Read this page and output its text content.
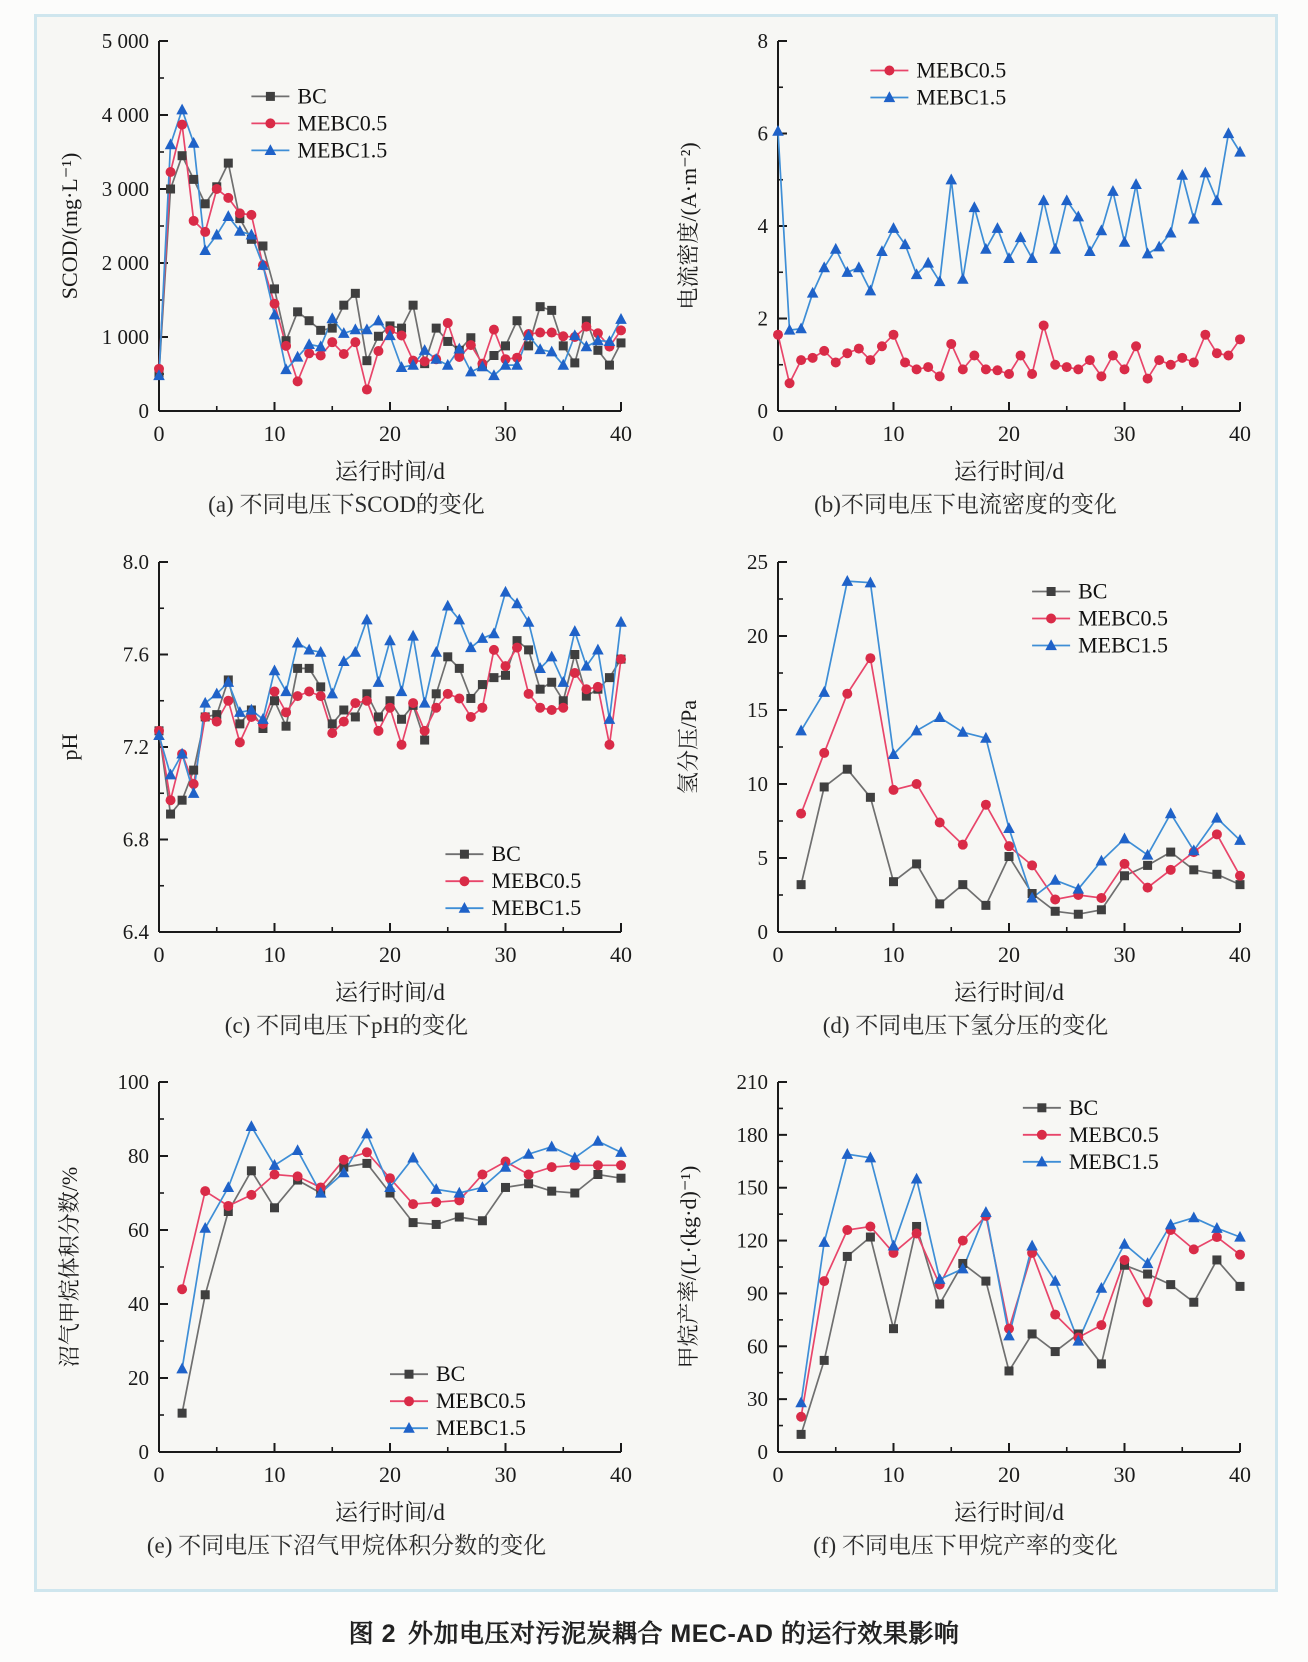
0	10	20	30	40
0
1 000
2 000
3 000
4 000
5 000
SCOD/(mg·L⁻¹)
运行时间/d
BC
MEBC0.5
MEBC1.5
(a) 不同电压下SCOD的变化
0	10	20	30	40
0
2
4
6
8
电流密度/(A·m⁻²)
运行时间/d
MEBC0.5
MEBC1.5
(b)不同电压下电流密度的变化
0	10	20	30	40
6.4
6.8
7.2
7.6
8.0
pH
运行时间/d
BC
MEBC0.5
MEBC1.5
(c) 不同电压下pH的变化
0	10	20	30	40
0
5
10
15
20
25
氢分压/Pa
运行时间/d
BC
MEBC0.5
MEBC1.5
(d) 不同电压下氢分压的变化
0	10	20	30	40
0
20
40
60
80
100
沼气甲烷体积分数/%
运行时间/d
BC
MEBC0.5
MEBC1.5
(e) 不同电压下沼气甲烷体积分数的变化
0	10	20	30	40
0
30
60
90
120
150
180
210
甲烷产率/(L·(kg·d)⁻¹)
运行时间/d
BC
MEBC0.5
MEBC1.5
(f) 不同电压下甲烷产率的变化
图 2 外加电压对污泥炭耦合 MEC-AD 的运行效果影响
